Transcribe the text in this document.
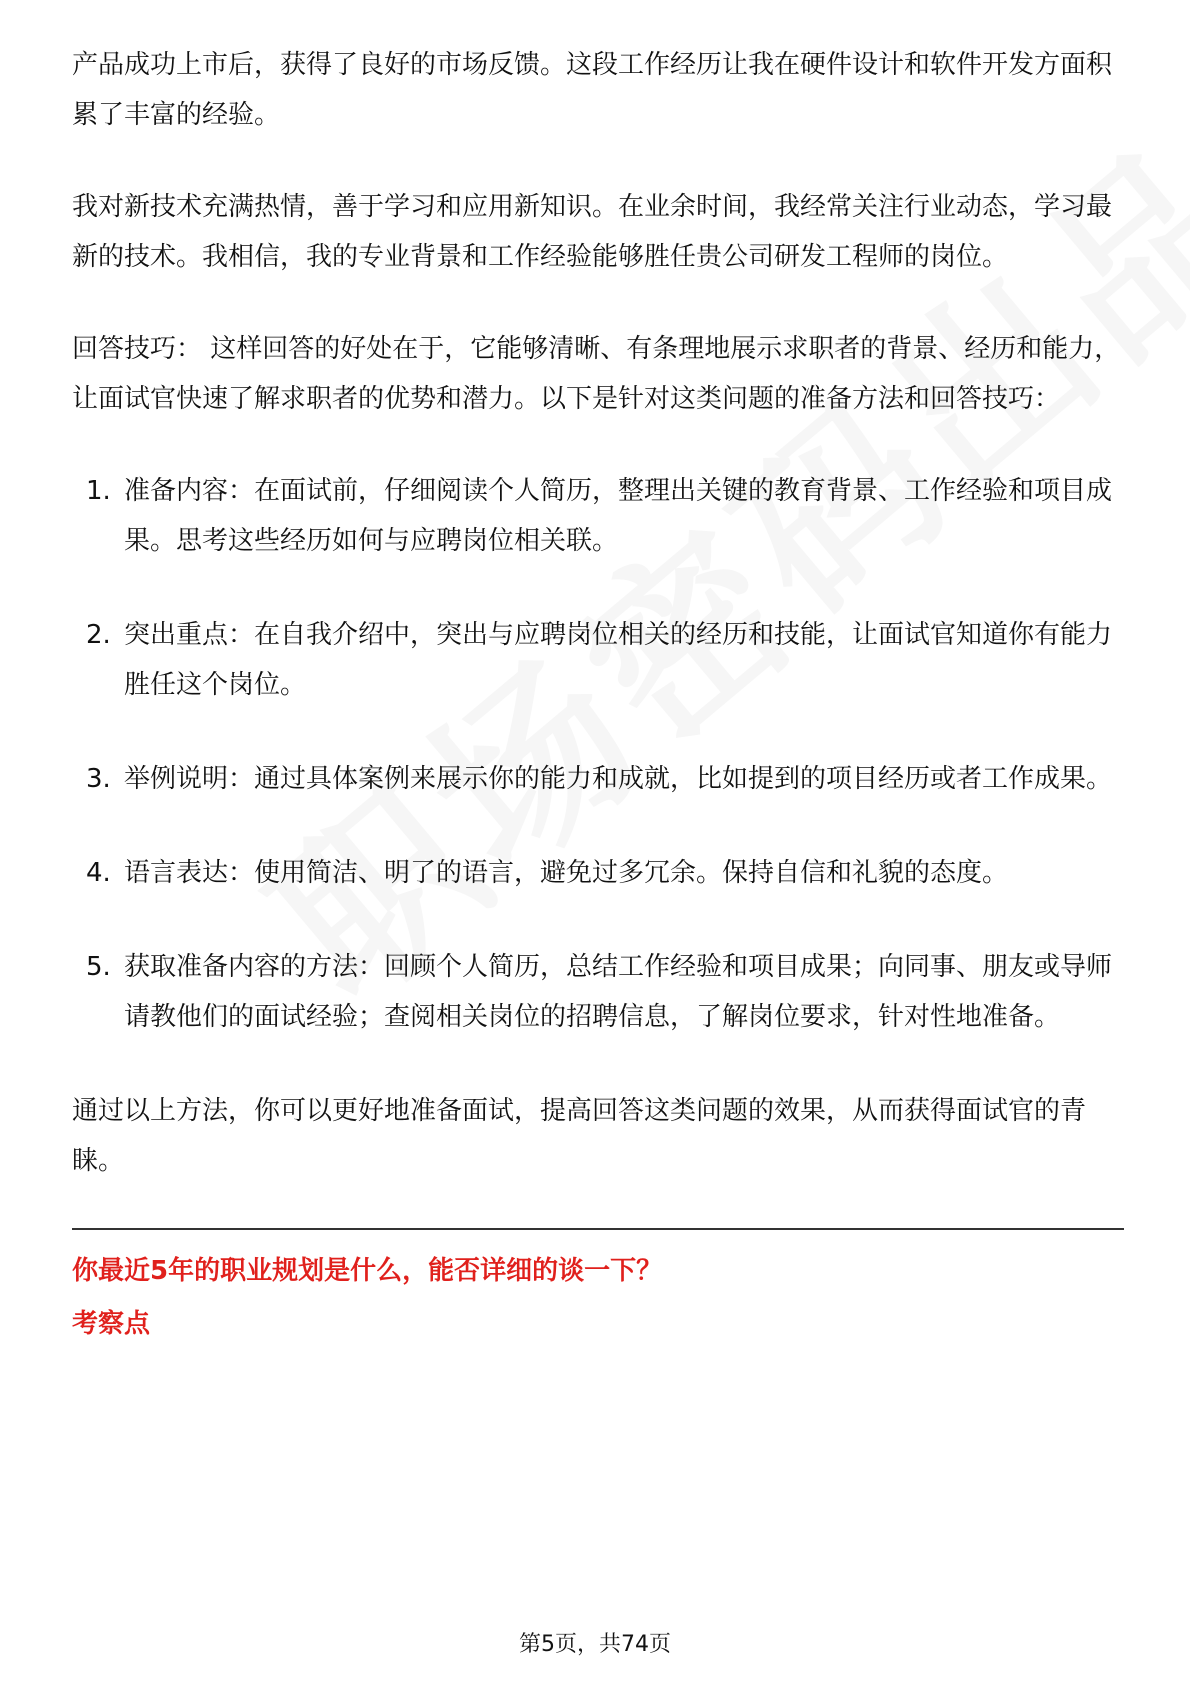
产品成功上市后，获得了良好的市场反馈。这段工作经历让我在硬件设计和软件开发方面积累了丰富的经验。

我对新技术充满热情，善于学习和应用新知识。在业余时间，我经常关注行业动态，学习最新的技术。我相信，我的专业背景和工作经验能够胜任贵公司研发工程师的岗位。

回答技巧： 这样回答的好处在于，它能够清晰、有条理地展示求职者的背景、经历和能力，让面试官快速了解求职者的优势和潜力。以下是针对这类问题的准备方法和回答技巧：

1. 准备内容：在面试前，仔细阅读个人简历，整理出关键的教育背景、工作经验和项目成果。思考这些经历如何与应聘岗位相关联。
2. 突出重点：在自我介绍中，突出与应聘岗位相关的经历和技能，让面试官知道你有能力胜任这个岗位。
3. 举例说明：通过具体案例来展示你的能力和成就，比如提到的项目经历或者工作成果。
4. 语言表达：使用简洁、明了的语言，避免过多冗余。保持自信和礼貌的态度。
5. 获取准备内容的方法：回顾个人简历，总结工作经验和项目成果；向同事、朋友或导师请教他们的面试经验；查阅相关岗位的招聘信息，了解岗位要求，针对性地准备。

通过以上方法，你可以更好地准备面试，提高回答这类问题的效果，从而获得面试官的青睐。

你最近5年的职业规划是什么，能否详细的谈一下？

考察点

第5页，共74页
